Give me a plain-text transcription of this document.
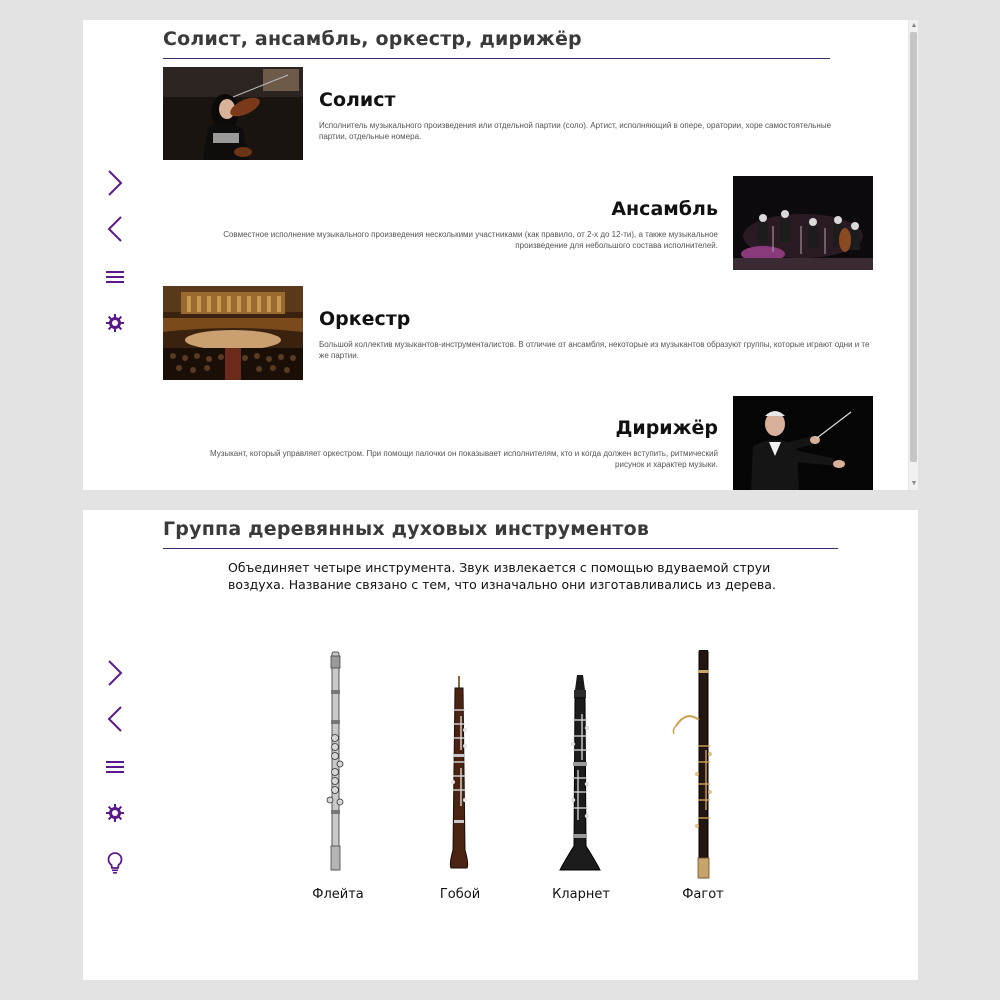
Солист, ансамбль, оркестр, дирижёр
Солист
Исполнитель музыкального произведения или отдельной партии (соло). Артист, исполняющий в опере, оратории, хоре самостоятельные партии, отдельные номера.
Ансамбль
Совместное исполнение музыкального произведения несколькими участниками (как правило, от 2-х до 12-ти), а также музыкальное произведение для небольшого состава исполнителей.
Оркестр
Большой коллектив музыкантов-инструменталистов. В отличие от ансамбля, некоторые из музыкантов образуют группы, которые играют одни и те же партии.
Дирижёр
Музыкант, который управляет оркестром. При помощи палочки он показывает исполнителям, кто и когда должен вступить, ритмический рисунок и характер музыки.
▲
▼
Группа деревянных духовых инструментов
Объединяет четыре инструмента. Звук извлекается с помощью вдуваемой струи воздуха. Название связано с тем, что изначально они изготавливались из дерева.
Флейта	Гобой	Кларнет	Фагот
